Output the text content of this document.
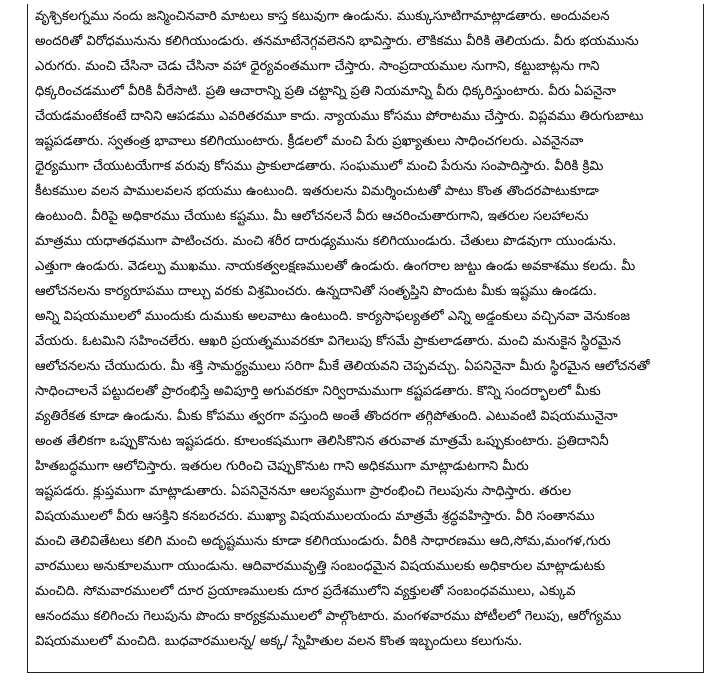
వృశ్చికలగ్నము నందు జన్మించినవారి మాటలు కాస్త కటువుగా ఉండును. ముక్కుసూటిగామాట్లాడతారు. అందువలన
అందరితో విరోధమునును కలిగియుండురు. తనమాటేనెగ్గవలెనని భావిస్తారు. లౌకికము వీరికి తెలియదు. వీరు భయమును
ఎరుగరు. మంచి చేసినా చెడు చేసినా వహా ధైర్యవంతముగా చేస్తారు. సాంప్రదాయముల నుగాని, కట్టుబాట్లను గాని
ధిక్కరించడములో వీరికి వీరేసాటి. ప్రతి ఆచారాన్ని ప్రతి చట్టాన్ని ప్రతి నియమాన్ని వీరు ధిక్కరిస్తుంటారు. వీరు ఏపనైనా
చేయడమంటేకంటే దానిని ఆపడము ఎవరితరమూ కాదు. న్యాయము కోసము పోరాటము చేస్తారు. విప్లవము తిరుగుబాటు
ఇష్టపడతారు. స్వతంత్ర భావాలు కలిగియుంటారు. క్రీడలలో మంచి పేరు ప్రఖ్యాతులు సాధించగలరు. ఎవనైనవా
ధైర్యముగా చేయుటయేగాక వరువు కోసము ప్రాకులాడతారు. సంఘములో మంచి పేరును సంపాదిస్తారు. వీరికి క్రిమి
కీటకముల వలన పాములవలన భయము ఉంటుంది. ఇతరులను విమర్శించుటతో పాటు కొంత తొందరపాటుకూడా
ఉంటుంది. వీరిపై అధికారము చేయుట కష్టము. మీ ఆలోచనలనే వీరు ఆచరించుతారుగాని, ఇతరుల సలహాలను
మాత్రము యధాతధముగా పాటించరు. మంచి శరీర దారుఢ్యమును కలిగియుండురు. చేతులు పొడవుగా యుండును.
ఎత్తుగా ఉండురు. వెడల్పు ముఖము. నాయకత్వలక్షణములతో ఉండురు. ఉంగరాల జుట్టు ఉండు అవకాశము కలదు. మీ
ఆలోచనలను కార్యరూపము దాల్చు వరకు విశ్రమించరు. ఉన్నదానితో సంతృప్తిని పొందుట మీకు ఇష్టము ఉండదు.
అన్ని విషయములలో ముందుకు దుముకు అలవాటు ఉంటుంది. కార్యసాఫల్యతలో ఎన్ని అడ్డంకులు వచ్చినవా వెనుకంజ
వేయరు. ఓటమిని సహించలేరు. ఆఖరి ప్రయత్నమువరకూ విగెలుపు కోసమే ప్రాకులాడతారు. మంచి మనుకైన స్థిరమైన
ఆలోచనలను చేయుదురు. మీ శక్తి సామర్థ్యములు సరిగా మీకే తెలియవని చెప్పవచ్చు. ఏపనినైనా మీరు స్థిరమైన ఆలోచనతో
సాధించాలనే పట్టుదలతో ప్రారంభిస్తే అవిపూర్తి అగువరకూ నిర్విరామముగా కష్టపడతారు. కొన్ని సందర్భాలలో మీకు
వ్యతిరేకత కూడా ఉండును. మీకు కోపము త్వరగా వస్తుంది అంతే తొందరగా తగ్గిపోతుంది. ఎటువంటి విషయమునైనా
అంత తేలికగా ఒప్పుకొనుట ఇష్టపడరు. కూలంకషముగా తెలిసికొనిన తరువాత మాత్రమే ఒప్పుకుంటారు. ప్రతిదానినీ
హితబద్ధముగా ఆలోచిస్తారు. ఇతరుల గురించి చెప్పుకొనుట గాని అధికముగా మాట్లాడుటగాని మీరు
ఇష్టపడరు. క్లుప్తముగా మాట్లాడుతారు. ఏపనినైననూ ఆలస్యముగా ప్రారంభించి గెలుపును సాధిస్తారు. తరుల
విషయములలో వీరు ఆసక్తిని కనబరచరు. ముఖ్యా విషయములయందు మాత్రమే శ్రద్ధవహిస్తారు. వీరి సంతానము
మంచి తెలివితేటలు కలిగి మంచి అదృష్టమును కూడా కలిగియుండురు. వీరికి సాధారణము ఆది,సోమ,మంగళ,గురు
వారములు అనుకూలముగా యుండును. ఆదివారమువృత్తి సంబంధమైన విషయములకు అధికారుల మాట్లాడుటకు
మంచిది. సోమవారములలో దూర ప్రయాణములకు దూర ప్రదేశములోని వ్యక్తులతో సంబంధవములు, ఎక్కువ
ఆనందము కలిగించు గెలుపును పొందు కార్యక్రమములలో పాల్గొంటారు. మంగళవారము పోటీలలో గెలుపు, ఆరోగ్యము
విషయములలో మంచిది. బుధవారములన్న/ అక్క/ స్నేహితుల వలన కొంత ఇబ్బందులు కలుగును.
